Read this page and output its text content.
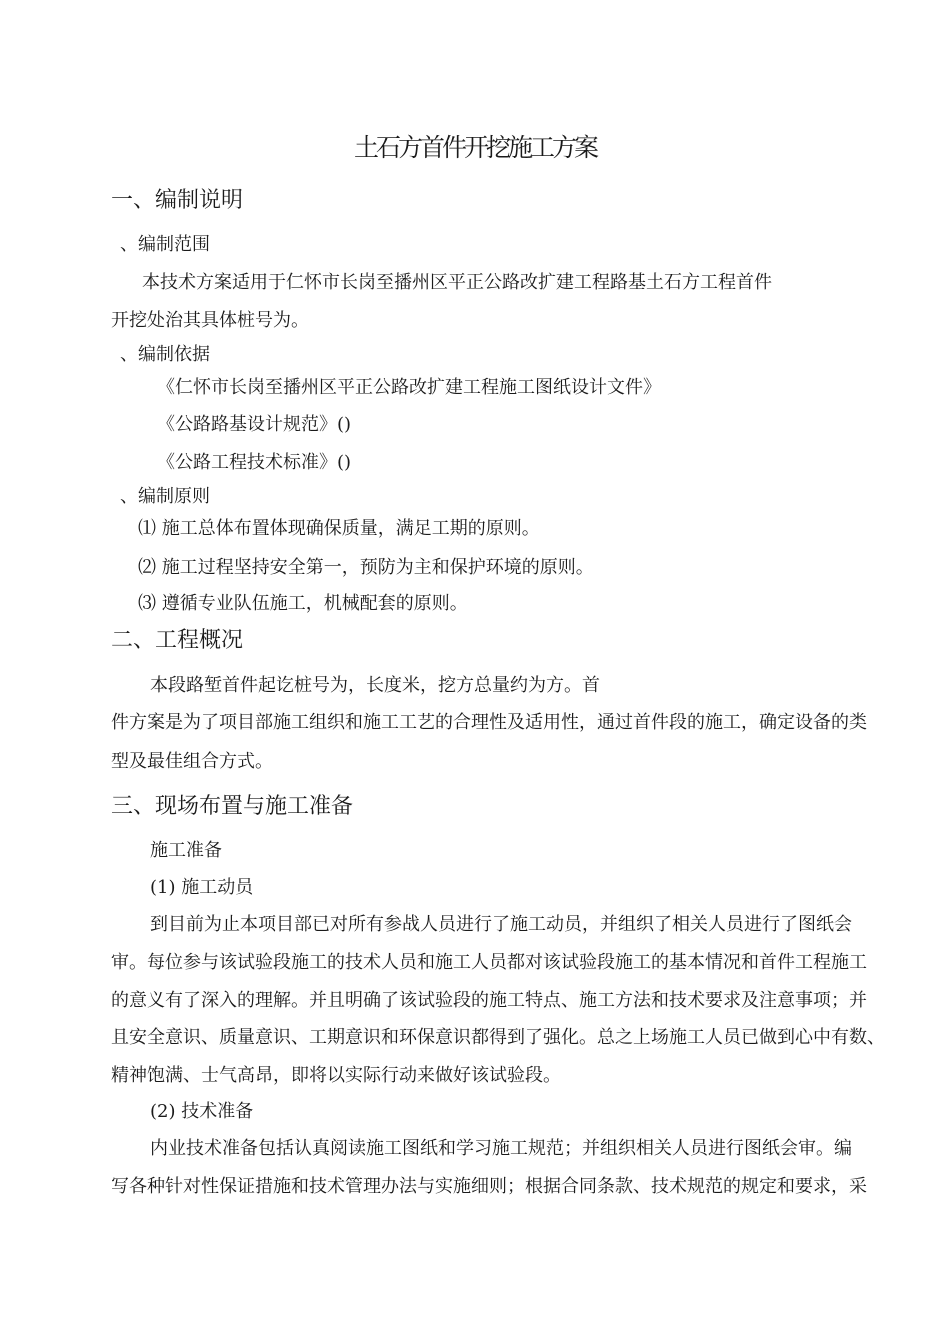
土石方首件开挖施工方案
一、编制说明
、编制范围
本技术方案适用于仁怀市长岗至播州区平正公路改扩建工程路基土石方工程首件
开挖处治其具体桩号为。
、编制依据
《仁怀市长岗至播州区平正公路改扩建工程施工图纸设计文件》
《公路路基设计规范》()
《公路工程技术标准》()
、编制原则
⑴ 施工总体布置体现确保质量，满足工期的原则。
⑵ 施工过程坚持安全第一，预防为主和保护环境的原则。
⑶ 遵循专业队伍施工，机械配套的原则。
二、工程概况
本段路堑首件起讫桩号为，长度米，挖方总量约为方。首
件方案是为了项目部施工组织和施工工艺的合理性及适用性，通过首件段的施工，确定设备的类
型及最佳组合方式。
三、现场布置与施工准备
施工准备
(1) 施工动员
到目前为止本项目部已对所有参战人员进行了施工动员，并组织了相关人员进行了图纸会
审。每位参与该试验段施工的技术人员和施工人员都对该试验段施工的基本情况和首件工程施工
的意义有了深入的理解。并且明确了该试验段的施工特点、施工方法和技术要求及注意事项；并
且安全意识、质量意识、工期意识和环保意识都得到了强化。总之上场施工人员已做到心中有数、
精神饱满、士气高昂，即将以实际行动来做好该试验段。
(2) 技术准备
内业技术准备包括认真阅读施工图纸和学习施工规范；并组织相关人员进行图纸会审。编
写各种针对性保证措施和技术管理办法与实施细则；根据合同条款、技术规范的规定和要求，采
